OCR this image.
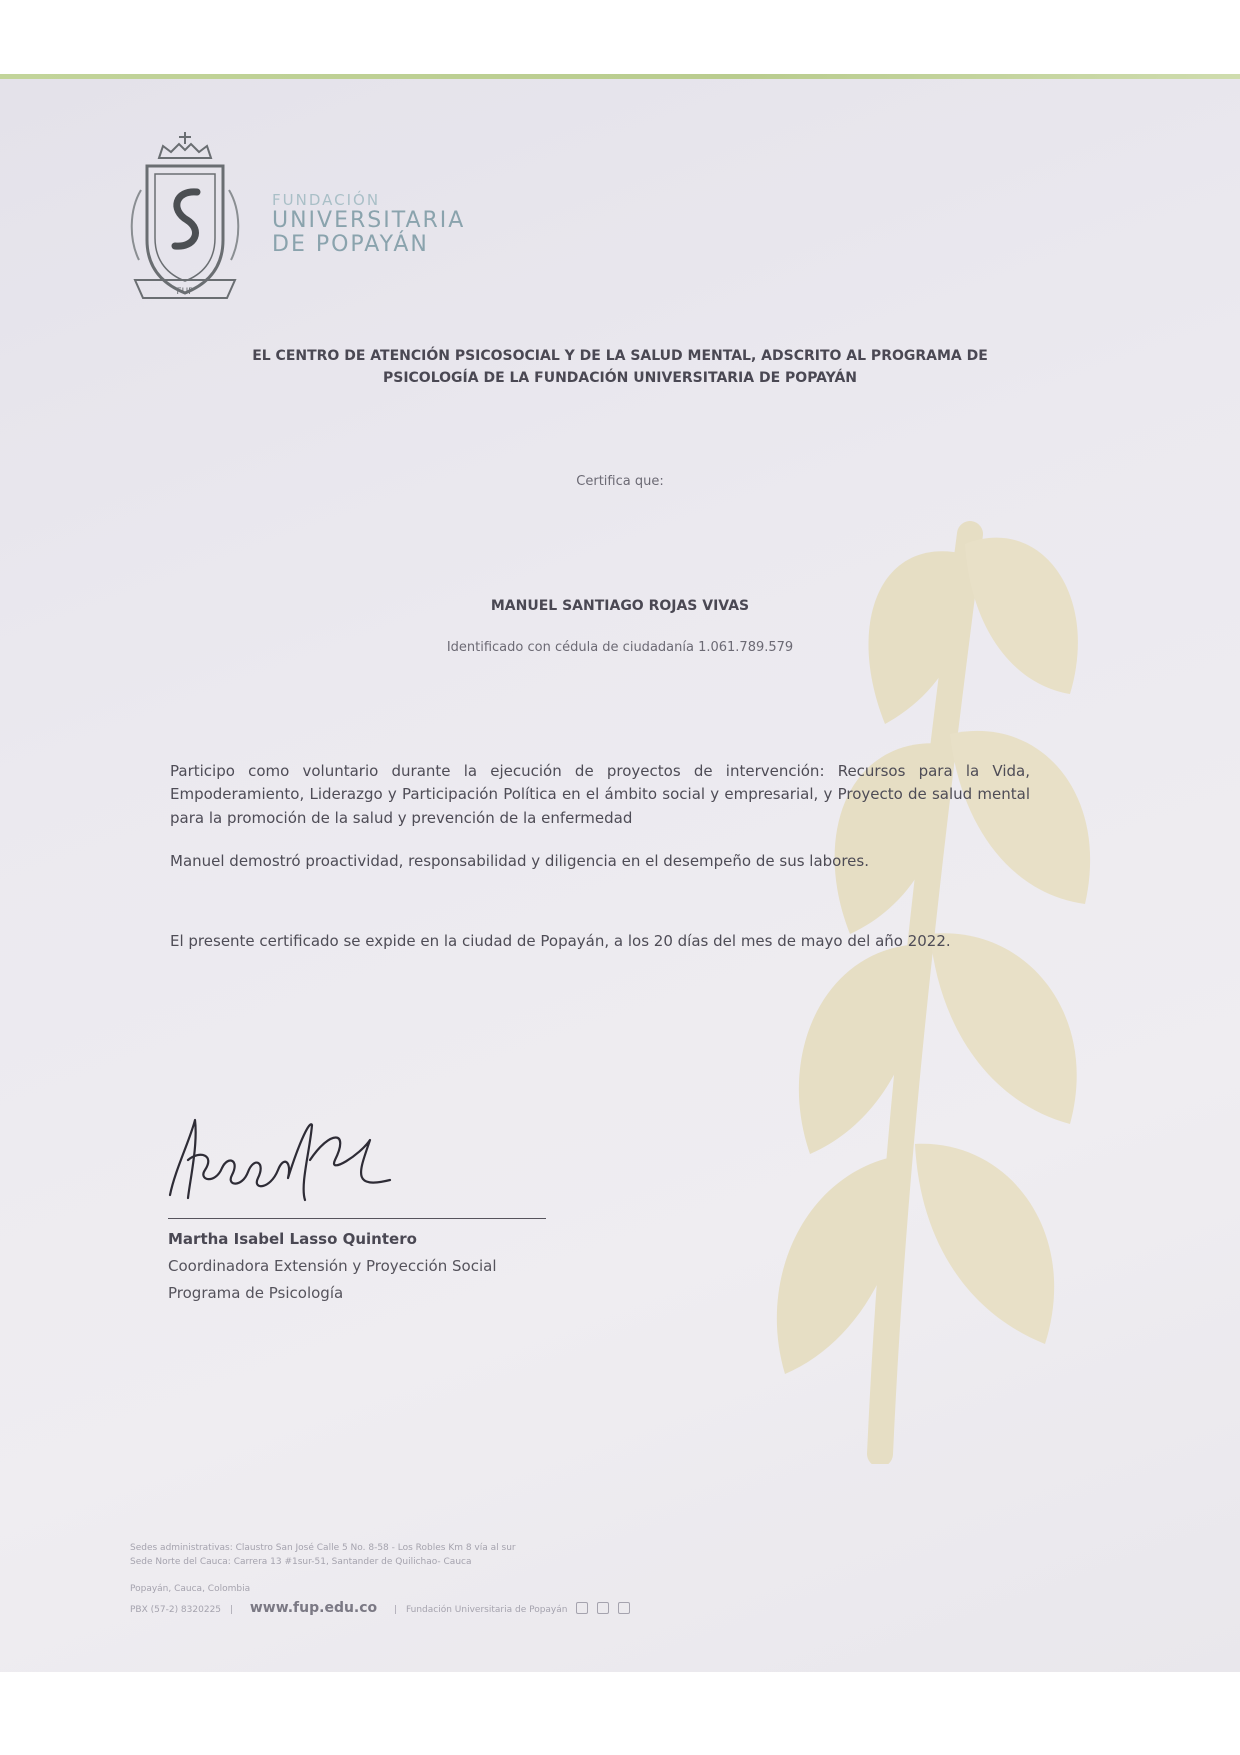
FUP
FUNDACIÓN
UNIVERSITARIA
DE POPAYÁN
EL CENTRO DE ATENCIÓN PSICOSOCIAL Y DE LA SALUD MENTAL, ADSCRITO AL PROGRAMA DE
PSICOLOGÍA DE LA FUNDACIÓN UNIVERSITARIA DE POPAYÁN
Certifica que:
MANUEL SANTIAGO ROJAS VIVAS
Identificado con cédula de ciudadanía 1.061.789.579
Participo como voluntario durante la ejecución de proyectos de intervención: Recursos para la Vida, Empoderamiento, Liderazgo y Participación Política en el ámbito social y empresarial, y Proyecto de salud mental para la promoción de la salud y prevención de la enfermedad
Manuel demostró proactividad, responsabilidad y diligencia en el desempeño de sus labores.
El presente certificado se expide en la ciudad de Popayán, a los 20 días del mes de mayo del año 2022.
Martha Isabel Lasso Quintero
Coordinadora Extensión y Proyección Social
Programa de Psicología
Sedes administrativas: Claustro San José Calle 5 No. 8-58 - Los Robles Km 8 vía al sur
Sede Norte del Cauca: Carrera 13 #1sur-51, Santander de Quilichao- Cauca
Popayán, Cauca, Colombia
PBX (57-2) 8320225 | www.fup.edu.co | Fundación Universitaria de Popayán
